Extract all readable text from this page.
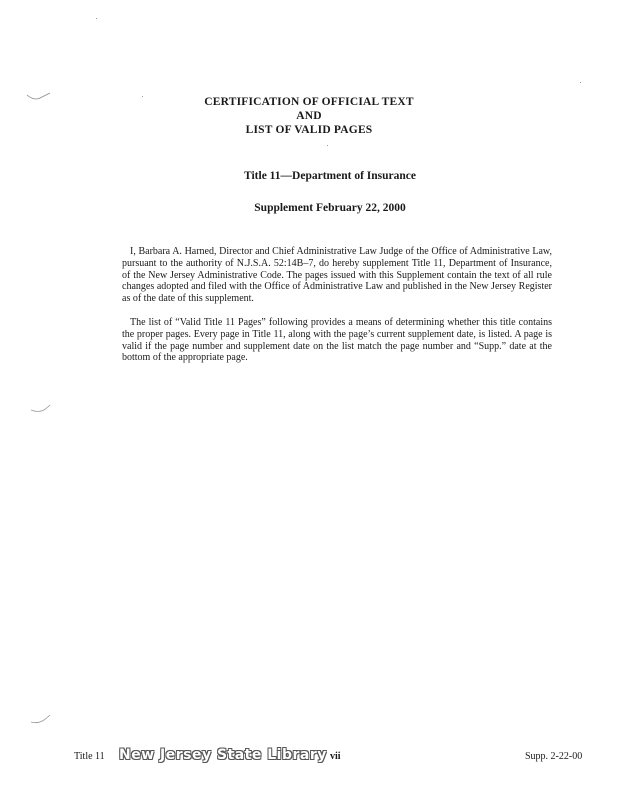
CERTIFICATION OF OFFICIAL TEXT
AND
LIST OF VALID PAGES
Title 11—Department of Insurance
Supplement February 22, 2000

I, Barbara A. Harned, Director and Chief Administrative Law Judge of the Office of Administrative Law, pursuant to the authority of N.J.S.A. 52:14B–7, do hereby supplement Title 11, Department of Insurance, of the New Jersey Administrative Code. The pages issued with this Supplement contain the text of all rule changes adopted and filed with the Office of Administrative Law and published in the New Jersey Register as of the date of this supplement.

The list of “Valid Title 11 Pages” following provides a means of determining whether this title contains the proper pages. Every page in Title 11, along with the page’s current supplement date, is listed. A page is valid if the page number and supplement date on the list match the page number and “Supp.” date at the bottom of the appropriate page.

Title 11 New Jersey State Library vii	Supp. 2-22-00
